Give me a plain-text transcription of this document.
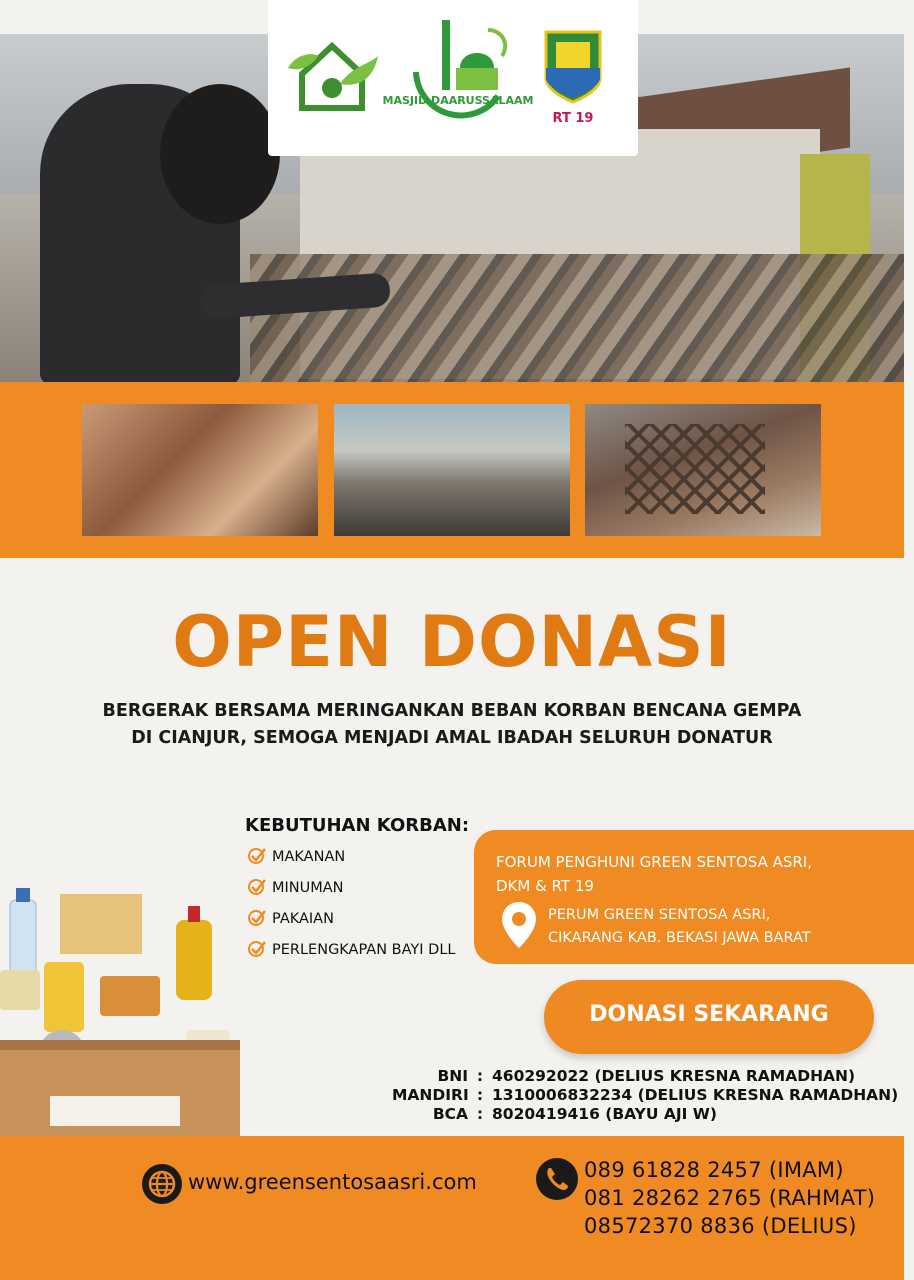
MASJID DAARUSSALAAM
RT 19
OPEN DONASI
BERGERAK BERSAMA MERINGANKAN BEBAN KORBAN BENCANA GEMPA DI CIANJUR, SEMOGA MENJADI AMAL IBADAH SELURUH DONATUR
KEBUTUHAN KORBAN:
MAKANAN
MINUMAN
PAKAIAN
PERLENGKAPAN BAYI DLL
FORUM PENGHUNI GREEN SENTOSA ASRI,
DKM & RT 19
PERUM GREEN SENTOSA ASRI,
CIKARANG KAB. BEKASI JAWA BARAT
DONASI SEKARANG
BNI : 460292022 (DELIUS KRESNA RAMADHAN)
MANDIRI : 1310006832234 (DELIUS KRESNA RAMADHAN)
BCA : 8020419416 (BAYU AJI W)
www.greensentosaasri.com	089 61828 2457 (IMAM)
081 28262 2765 (RAHMAT)
08572370 8836 (DELIUS)
